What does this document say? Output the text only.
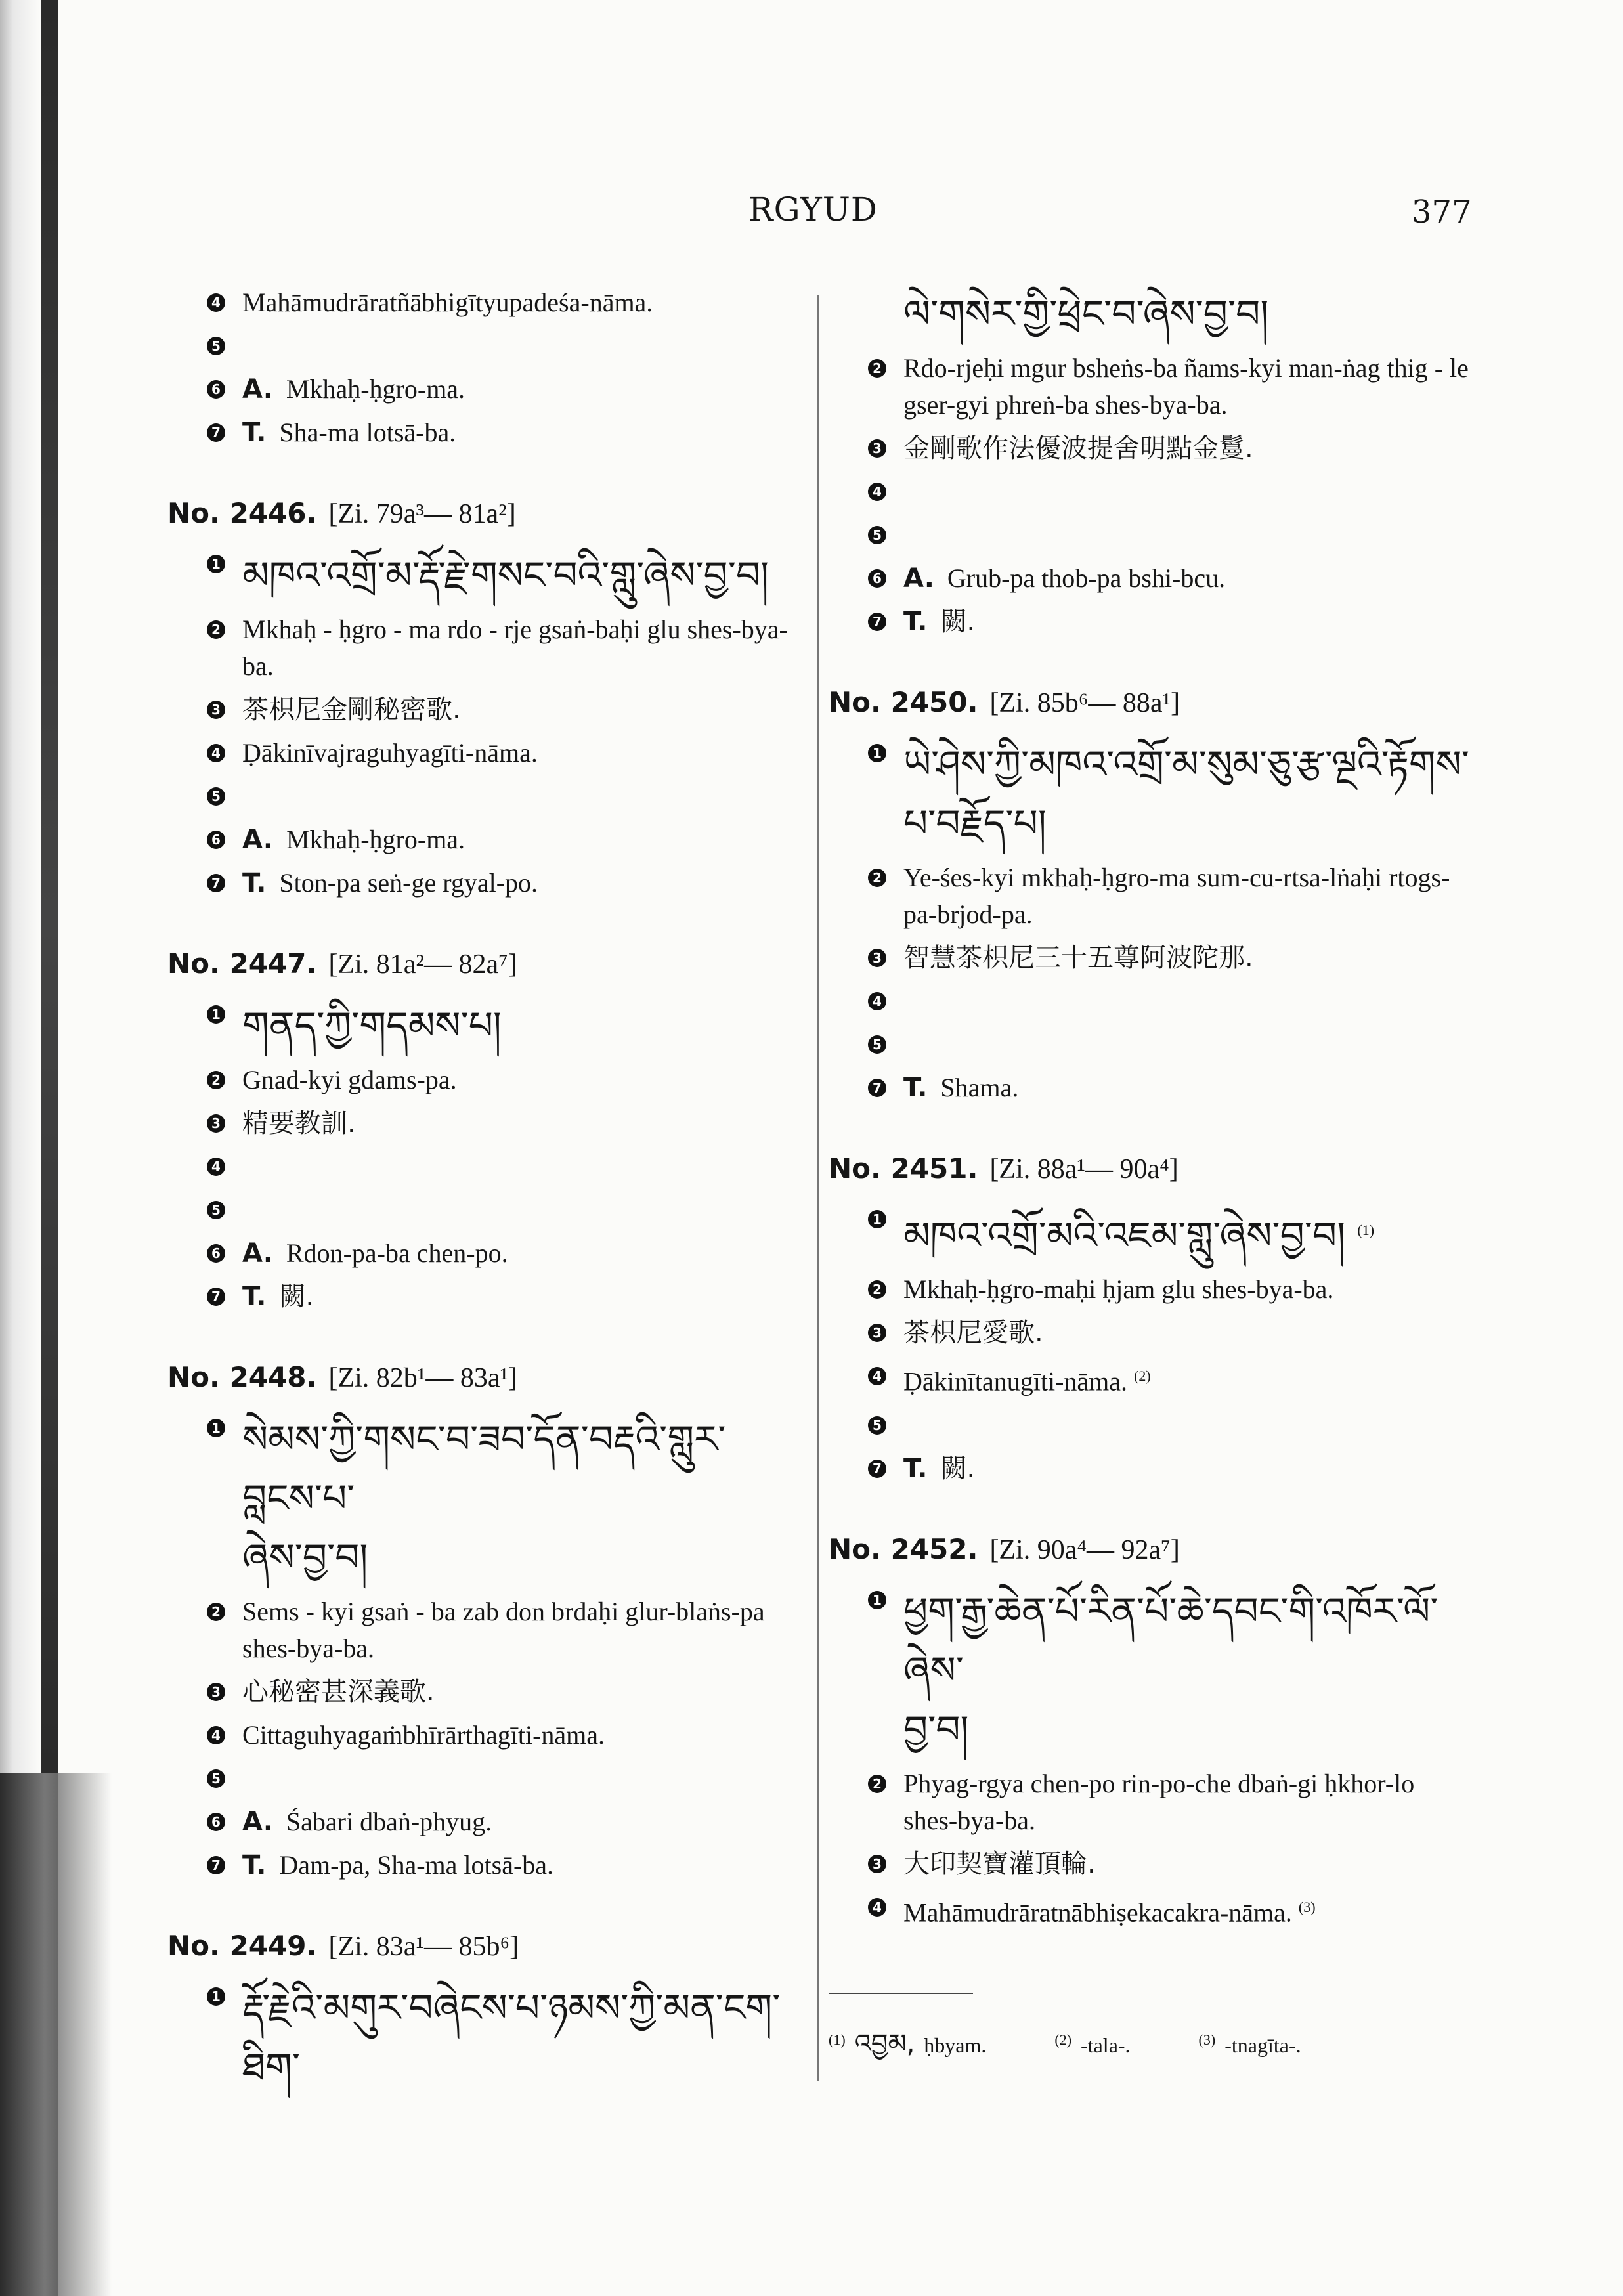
RGYUD	377
4 Mahāmudrāratñābhigītyupadeśa-nāma.
5
6 A. Mkhaḥ-ḥgro-ma.
7 T. Sha-ma lotsā-ba.
No. 2446. [Zi. 79a³— 81a²]
1 མཁའ་འགྲོ་མ་རྡོ་རྗེ་གསང་བའི་གླུ་ཞེས་བྱ་བ།
2 Mkhaḥ - ḥgro - ma rdo - rje gsaṅ-baḥi glu shes-bya-ba.
3 茶枳尼金剛秘密歌.
4 Ḍākinīvajraguhyagīti-nāma.
5
6 A. Mkhaḥ-ḥgro-ma.
7 T. Ston-pa seṅ-ge rgyal-po.
No. 2447. [Zi. 81a²— 82a⁷]
1 གནད་ཀྱི་གདམས་པ།
2 Gnad-kyi gdams-pa.
3 精要教訓.
4
5
6 A. Rdon-pa-ba chen-po.
7 T. 闕.
No. 2448. [Zi. 82b¹— 83a¹]
1 སེམས་ཀྱི་གསང་བ་ཟབ་དོན་བརྡའི་གླུར་བླངས་པ་
ཞེས་བྱ་བ།
2 Sems - kyi gsaṅ - ba zab don brdaḥi glur-blaṅs-pa shes-bya-ba.
3 心秘密甚深義歌.
4 Cittaguhyagaṁbhīrārthagīti-nāma.
5
6 A. Śabari dbaṅ-phyug.
7 T. Dam-pa, Sha-ma lotsā-ba.
No. 2449. [Zi. 83a¹— 85b⁶]
1 རྡོ་རྗེའི་མགུར་བཞེངས་པ་ཉམས་ཀྱི་མན་ངག་ཐིག་
ལེ་གསེར་གྱི་ཕྲེང་བ་ཞེས་བྱ་བ།
2 Rdo-rjeḥi mgur bsheṅs-ba ñams-kyi man-ṅag thig - le gser-gyi phreṅ-ba shes-bya-ba.
3 金剛歌作法優波提舍明點金鬘.
4
5
6 A. Grub-pa thob-pa bshi-bcu.
7 T. 闕.
No. 2450. [Zi. 85b⁶— 88a¹]
1 ཡེ་ཤེས་ཀྱི་མཁའ་འགྲོ་མ་སུམ་ཅུ་རྩ་ལྔའི་རྟོགས་
པ་བརྗོད་པ།
2 Ye-śes-kyi mkhaḥ-ḥgro-ma sum-cu-rtsa-lṅaḥi rtogs-pa-brjod-pa.
3 智慧茶枳尼三十五尊阿波陀那.
4
5
7 T. Shama.
No. 2451. [Zi. 88a¹— 90a⁴]
1 མཁའ་འགྲོ་མའི་འཇམ་གླུ་ཞེས་བྱ་བ། $^{(1)}$
2 Mkhaḥ-ḥgro-maḥi ḥjam glu shes-bya-ba.
3 茶枳尼愛歌.
4 Ḍākinītanugīti-nāma. $^{(2)}$
5
7 T. 闕.
No. 2452. [Zi. 90a⁴— 92a⁷]
1 ཕྱག་རྒྱ་ཆེན་པོ་རིན་པོ་ཆེ་དབང་གི་འཁོར་ལོ་ཞེས་
བྱ་བ།
2 Phyag-rgya chen-po rin-po-che dbaṅ-gi ḥkhor-lo shes-bya-ba.
3 大印契寶灌頂輪.
4 Mahāmudrāratnābhiṣekacakra-nāma. $^{(3)}$
$^{(1)}$ འབྱམ, ḥbyam.	$^{(2)}$ -tala-.	$^{(3)}$ -tnagīta-.
